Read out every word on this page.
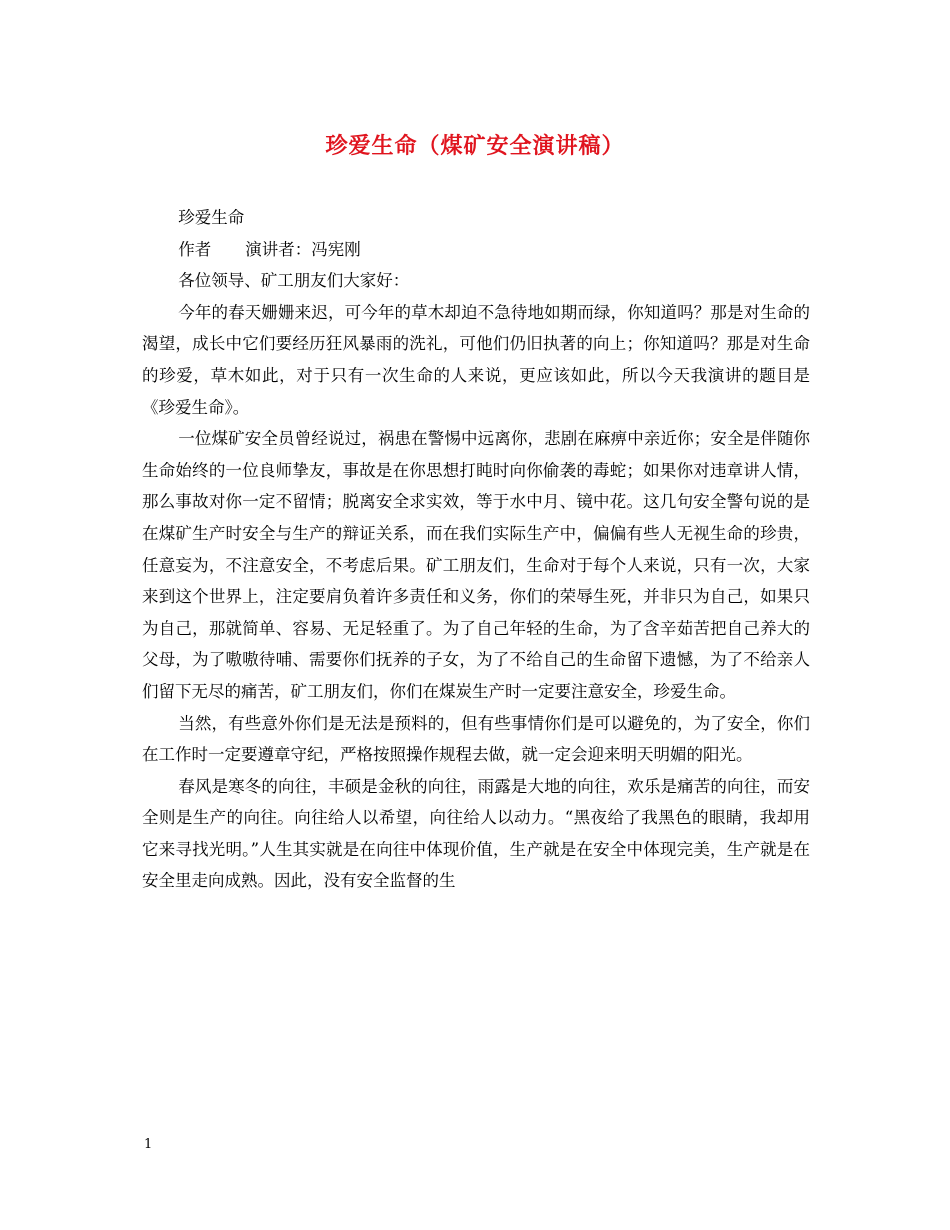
珍爱生命（煤矿安全演讲稿）

珍爱生命

作者 演讲者：冯宪刚

各位领导、矿工朋友们大家好：

今年的春天姗姗来迟，可今年的草木却迫不急待地如期而绿，你知道吗？那是对生命的渴望，成长中它们要经历狂风暴雨的洗礼，可他们仍旧执著的向上；你知道吗？那是对生命的珍爱，草木如此，对于只有一次生命的人来说，更应该如此，所以今天我演讲的题目是《珍爱生命》。

一位煤矿安全员曾经说过，祸患在警惕中远离你，悲剧在麻痹中亲近你；安全是伴随你生命始终的一位良师挚友，事故是在你思想打盹时向你偷袭的毒蛇；如果你对违章讲人情，那么事故对你一定不留情；脱离安全求实效，等于水中月、镜中花。这几句安全警句说的是在煤矿生产时安全与生产的辩证关系，而在我们实际生产中，偏偏有些人无视生命的珍贵，任意妄为，不注意安全，不考虑后果。矿工朋友们，生命对于每个人来说，只有一次，大家来到这个世界上，注定要肩负着许多责任和义务，你们的荣辱生死，并非只为自己，如果只为自己，那就简单、容易、无足轻重了。为了自己年轻的生命，为了含辛茹苦把自己养大的父母，为了嗷嗷待哺、需要你们抚养的子女，为了不给自己的生命留下遗憾，为了不给亲人们留下无尽的痛苦，矿工朋友们，你们在煤炭生产时一定要注意安全，珍爱生命。

当然，有些意外你们是无法是预料的，但有些事情你们是可以避免的，为了安全，你们在工作时一定要遵章守纪，严格按照操作规程去做，就一定会迎来明天明媚的阳光。

春风是寒冬的向往，丰硕是金秋的向往，雨露是大地的向往，欢乐是痛苦的向往，而安全则是生产的向往。向往给人以希望，向往给人以动力。“黑夜给了我黑色的眼睛，我却用它来寻找光明。”人生其实就是在向往中体现价值，生产就是在安全中体现完美，生产就是在安全里走向成熟。因此，没有安全监督的生

1
